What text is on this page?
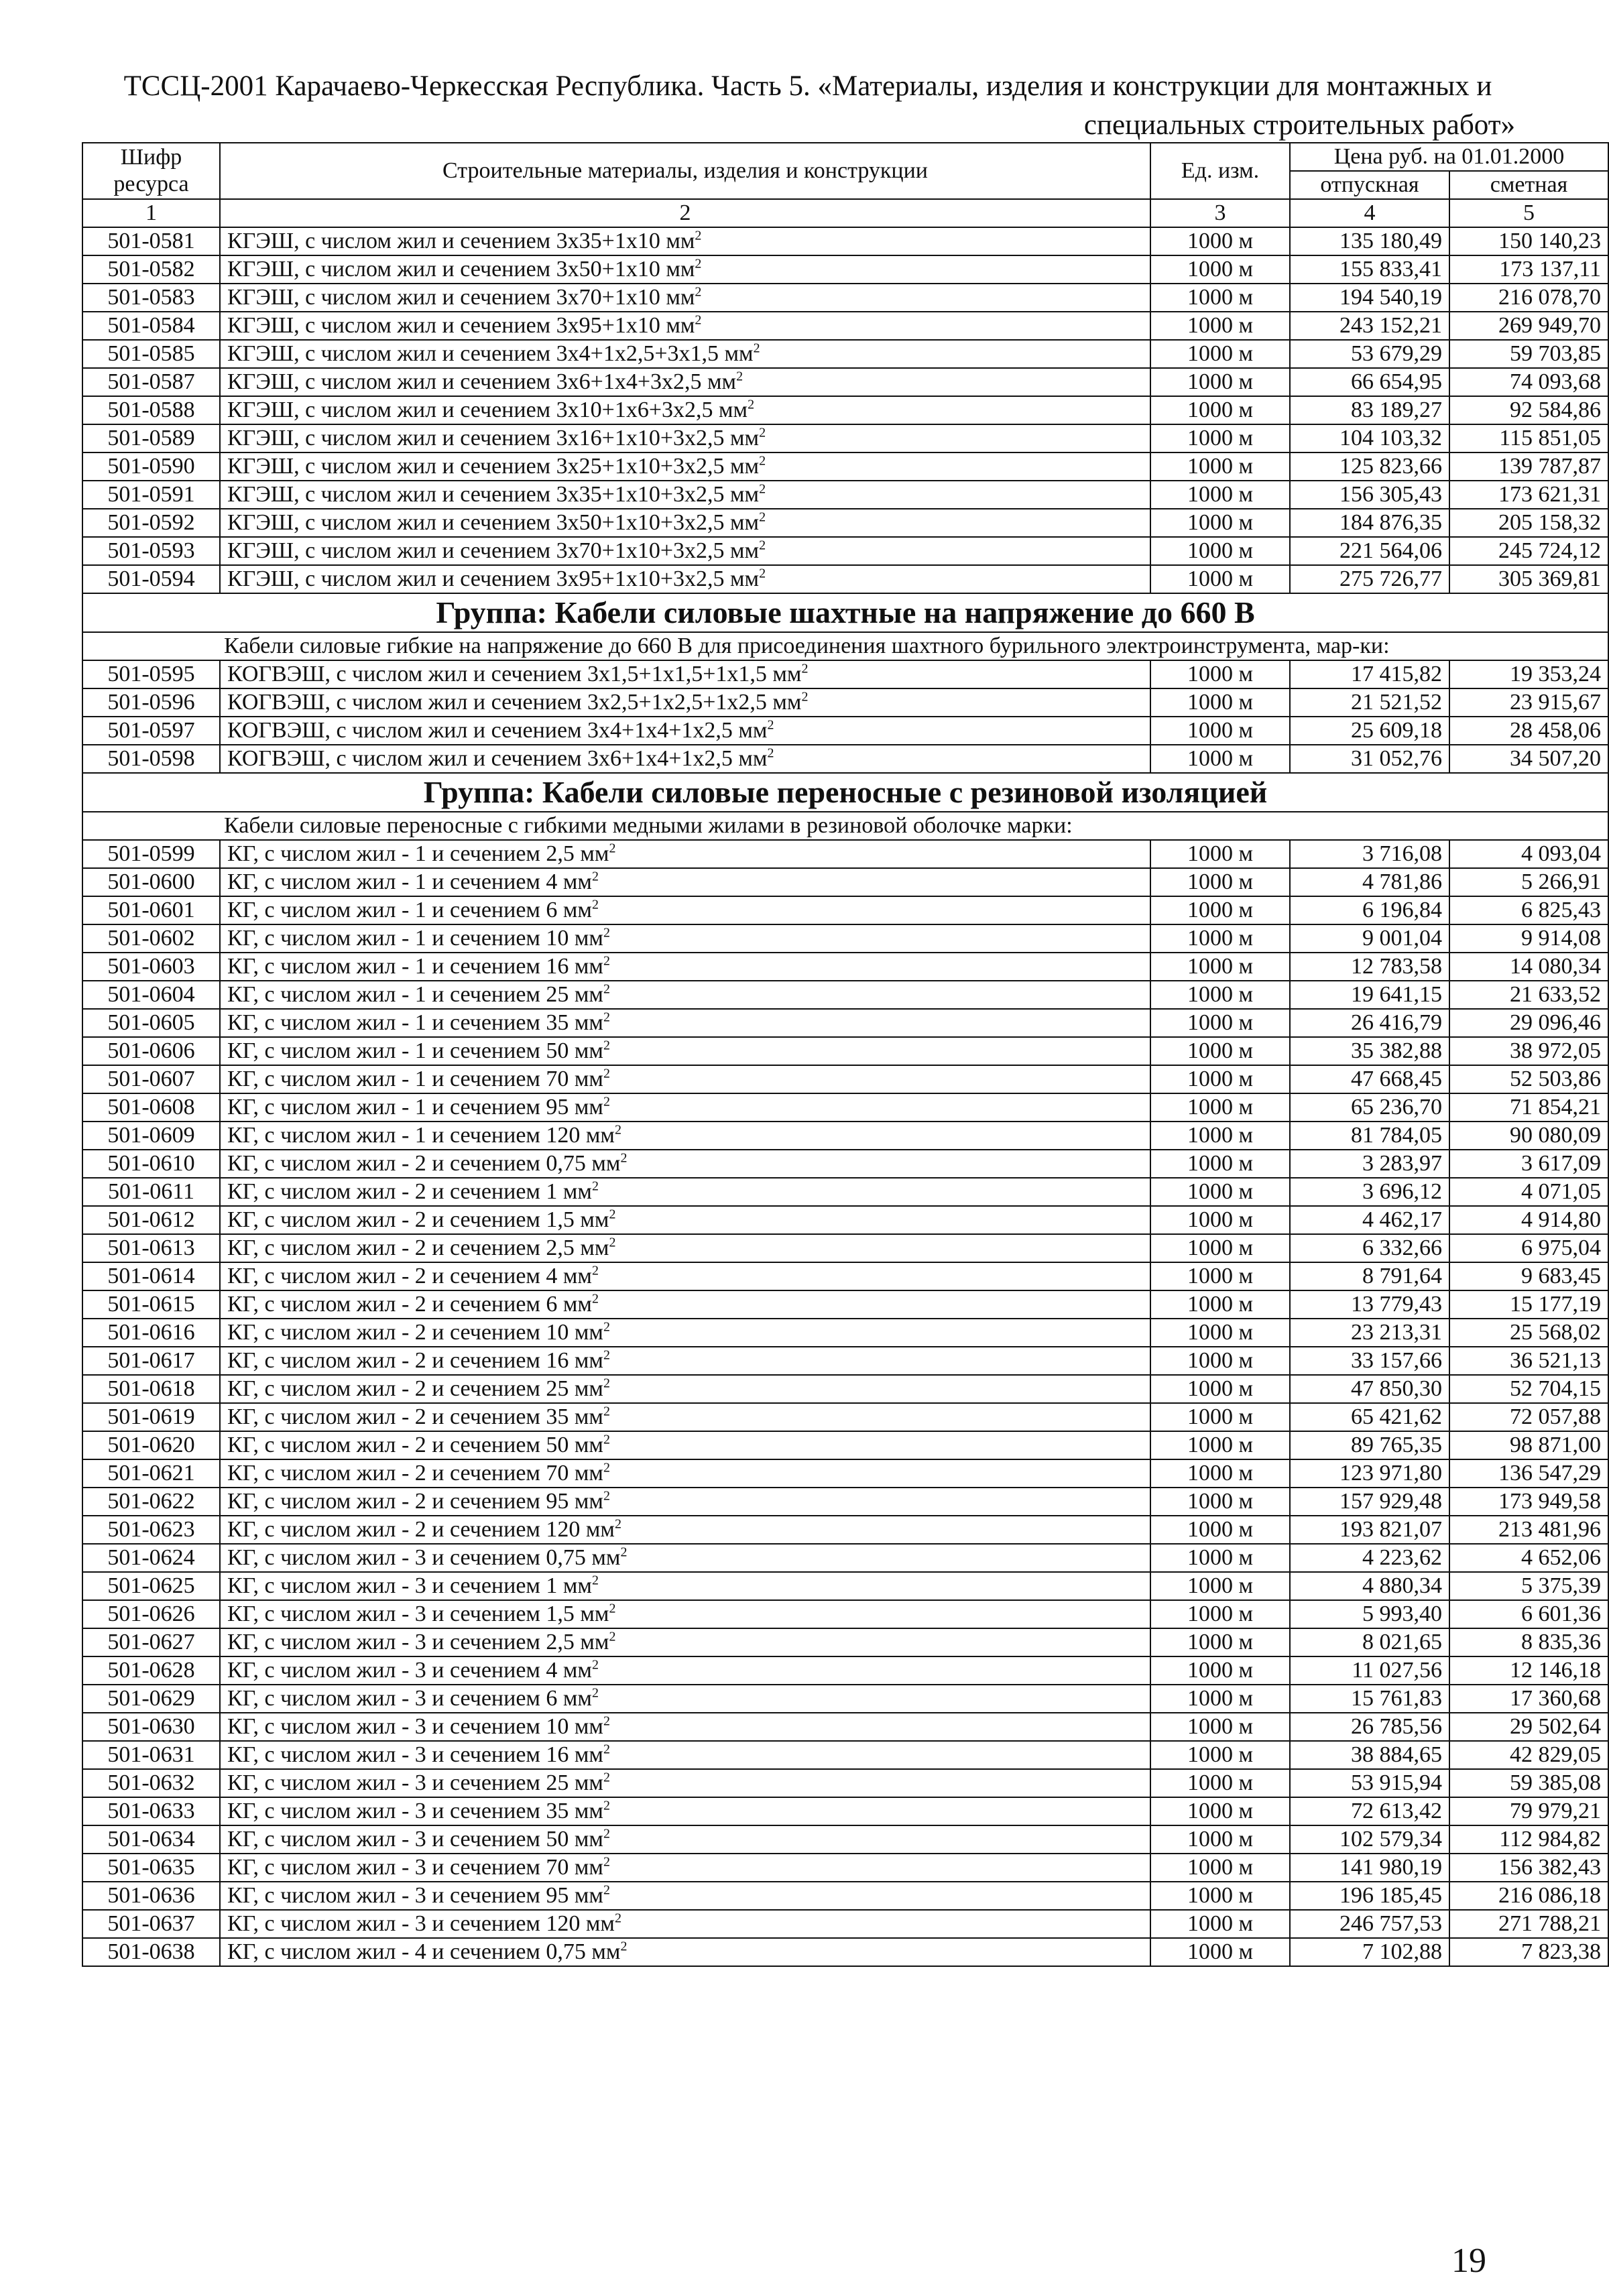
ТССЦ-2001 Карачаево-Черкесская Республика. Часть 5. «Материалы, изделия и конструкции для монтажных и
специальных строительных работ»
Шифр ресурса	Строительные материалы, изделия и конструкции	Ед. изм.	Цена руб. на 01.01.2000	
			отпускная	сметная
1	2	3	4	5
501-0581	КГЭШ, с числом жил и сечением 3х35+1х10 $мм^2$	1000 м	135 180,49	150 140,23
501-0582	КГЭШ, с числом жил и сечением 3х50+1х10 $мм^2$	1000 м	155 833,41	173 137,11
501-0583	КГЭШ, с числом жил и сечением 3х70+1х10 $мм^2$	1000 м	194 540,19	216 078,70
501-0584	КГЭШ, с числом жил и сечением 3х95+1х10 $мм^2$	1000 м	243 152,21	269 949,70
501-0585	КГЭШ, с числом жил и сечением 3х4+1х2,5+3х1,5 $мм^2$	1000 м	53 679,29	59 703,85
501-0587	КГЭШ, с числом жил и сечением 3х6+1х4+3х2,5 $мм^2$	1000 м	66 654,95	74 093,68
501-0588	КГЭШ, с числом жил и сечением 3х10+1х6+3х2,5 $мм^2$	1000 м	83 189,27	92 584,86
501-0589	КГЭШ, с числом жил и сечением 3х16+1х10+3х2,5 $мм^2$	1000 м	104 103,32	115 851,05
501-0590	КГЭШ, с числом жил и сечением 3х25+1х10+3х2,5 $мм^2$	1000 м	125 823,66	139 787,87
501-0591	КГЭШ, с числом жил и сечением 3х35+1х10+3х2,5 $мм^2$	1000 м	156 305,43	173 621,31
501-0592	КГЭШ, с числом жил и сечением 3х50+1х10+3х2,5 $мм^2$	1000 м	184 876,35	205 158,32
501-0593	КГЭШ, с числом жил и сечением 3х70+1х10+3х2,5 $мм^2$	1000 м	221 564,06	245 724,12
501-0594	КГЭШ, с числом жил и сечением 3х95+1х10+3х2,5 $мм^2$	1000 м	275 726,77	305 369,81
Группа: Кабели силовые шахтные на напряжение до 660 В				
Кабели силовые гибкие на напряжение до 660 В для присоединения шахтного бурильного электроинструмента, мар-ки:				
501-0595	КОГВЭШ, с числом жил и сечением 3х1,5+1х1,5+1х1,5 $мм^2$	1000 м	17 415,82	19 353,24
501-0596	КОГВЭШ, с числом жил и сечением 3х2,5+1х2,5+1х2,5 $мм^2$	1000 м	21 521,52	23 915,67
501-0597	КОГВЭШ, с числом жил и сечением 3х4+1х4+1х2,5 $мм^2$	1000 м	25 609,18	28 458,06
501-0598	КОГВЭШ, с числом жил и сечением 3х6+1х4+1х2,5 $мм^2$	1000 м	31 052,76	34 507,20
Группа: Кабели силовые переносные с резиновой изоляцией				
Кабели силовые переносные с гибкими медными жилами в резиновой оболочке марки:				
501-0599	КГ, с числом жил - 1 и сечением 2,5 $мм^2$	1000 м	3 716,08	4 093,04
501-0600	КГ, с числом жил - 1 и сечением 4 $мм^2$	1000 м	4 781,86	5 266,91
501-0601	КГ, с числом жил - 1 и сечением 6 $мм^2$	1000 м	6 196,84	6 825,43
501-0602	КГ, с числом жил - 1 и сечением 10 $мм^2$	1000 м	9 001,04	9 914,08
501-0603	КГ, с числом жил - 1 и сечением 16 $мм^2$	1000 м	12 783,58	14 080,34
501-0604	КГ, с числом жил - 1 и сечением 25 $мм^2$	1000 м	19 641,15	21 633,52
501-0605	КГ, с числом жил - 1 и сечением 35 $мм^2$	1000 м	26 416,79	29 096,46
501-0606	КГ, с числом жил - 1 и сечением 50 $мм^2$	1000 м	35 382,88	38 972,05
501-0607	КГ, с числом жил - 1 и сечением 70 $мм^2$	1000 м	47 668,45	52 503,86
501-0608	КГ, с числом жил - 1 и сечением 95 $мм^2$	1000 м	65 236,70	71 854,21
501-0609	КГ, с числом жил - 1 и сечением 120 $мм^2$	1000 м	81 784,05	90 080,09
501-0610	КГ, с числом жил - 2 и сечением 0,75 $мм^2$	1000 м	3 283,97	3 617,09
501-0611	КГ, с числом жил - 2 и сечением 1 $мм^2$	1000 м	3 696,12	4 071,05
501-0612	КГ, с числом жил - 2 и сечением 1,5 $мм^2$	1000 м	4 462,17	4 914,80
501-0613	КГ, с числом жил - 2 и сечением 2,5 $мм^2$	1000 м	6 332,66	6 975,04
501-0614	КГ, с числом жил - 2 и сечением 4 $мм^2$	1000 м	8 791,64	9 683,45
501-0615	КГ, с числом жил - 2 и сечением 6 $мм^2$	1000 м	13 779,43	15 177,19
501-0616	КГ, с числом жил - 2 и сечением 10 $мм^2$	1000 м	23 213,31	25 568,02
501-0617	КГ, с числом жил - 2 и сечением 16 $мм^2$	1000 м	33 157,66	36 521,13
501-0618	КГ, с числом жил - 2 и сечением 25 $мм^2$	1000 м	47 850,30	52 704,15
501-0619	КГ, с числом жил - 2 и сечением 35 $мм^2$	1000 м	65 421,62	72 057,88
501-0620	КГ, с числом жил - 2 и сечением 50 $мм^2$	1000 м	89 765,35	98 871,00
501-0621	КГ, с числом жил - 2 и сечением 70 $мм^2$	1000 м	123 971,80	136 547,29
501-0622	КГ, с числом жил - 2 и сечением 95 $мм^2$	1000 м	157 929,48	173 949,58
501-0623	КГ, с числом жил - 2 и сечением 120 $мм^2$	1000 м	193 821,07	213 481,96
501-0624	КГ, с числом жил - 3 и сечением 0,75 $мм^2$	1000 м	4 223,62	4 652,06
501-0625	КГ, с числом жил - 3 и сечением 1 $мм^2$	1000 м	4 880,34	5 375,39
501-0626	КГ, с числом жил - 3 и сечением 1,5 $мм^2$	1000 м	5 993,40	6 601,36
501-0627	КГ, с числом жил - 3 и сечением 2,5 $мм^2$	1000 м	8 021,65	8 835,36
501-0628	КГ, с числом жил - 3 и сечением 4 $мм^2$	1000 м	11 027,56	12 146,18
501-0629	КГ, с числом жил - 3 и сечением 6 $мм^2$	1000 м	15 761,83	17 360,68
501-0630	КГ, с числом жил - 3 и сечением 10 $мм^2$	1000 м	26 785,56	29 502,64
501-0631	КГ, с числом жил - 3 и сечением 16 $мм^2$	1000 м	38 884,65	42 829,05
501-0632	КГ, с числом жил - 3 и сечением 25 $мм^2$	1000 м	53 915,94	59 385,08
501-0633	КГ, с числом жил - 3 и сечением 35 $мм^2$	1000 м	72 613,42	79 979,21
501-0634	КГ, с числом жил - 3 и сечением 50 $мм^2$	1000 м	102 579,34	112 984,82
501-0635	КГ, с числом жил - 3 и сечением 70 $мм^2$	1000 м	141 980,19	156 382,43
501-0636	КГ, с числом жил - 3 и сечением 95 $мм^2$	1000 м	196 185,45	216 086,18
501-0637	КГ, с числом жил - 3 и сечением 120 $мм^2$	1000 м	246 757,53	271 788,21
501-0638	КГ, с числом жил - 4 и сечением 0,75 $мм^2$	1000 м	7 102,88	7 823,38
19
